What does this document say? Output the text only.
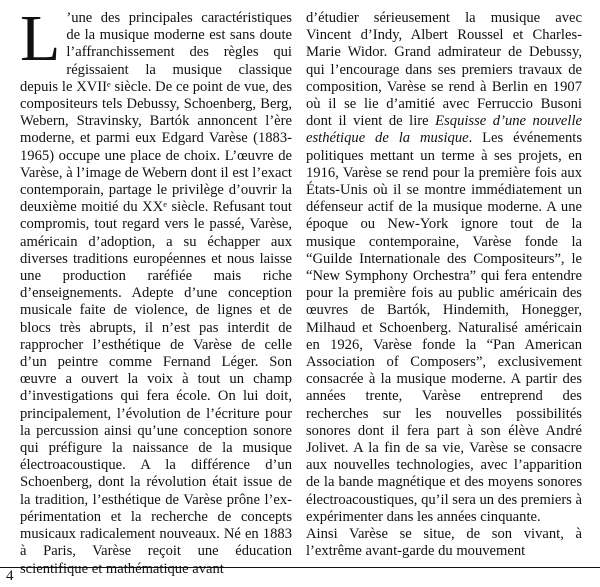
L ’une des principales caractéristiques de la musique moderne est sans doute l’affranchissement des règles qui régissaient la musique classique depuis le XVIIᵉ siècle. De ce point de vue, des compositeurs tels Debussy, Schoenberg, Berg, Webern, Stravinsky, Bartók annoncent l’ère moderne, et parmi eux Edgard Varèse (1883-1965) occupe une place de choix. L’œuvre de Varèse, à l’image de Webern dont il est l’exact contemporain, partage le privilège d’ouvrir la deuxième moitié du XXᵉ siècle. Refusant tout compromis, tout regard vers le passé, Varèse, américain d’adoption, a su échapper aux diverses traditions européennes et nous laisse une production raréfiée mais riche d’enseignements. Adepte d’une conception musicale faite de violence, de lignes et de blocs très abrupts, il n’est pas interdit de rapprocher l’esthétique de Varèse de celle d’un peintre comme Fernand Léger. Son œuvre a ouvert la voix à tout un champ d’investigations qui fera école. On lui doit, principalement, l’évolution de l’écriture pour la percussion ainsi qu’une conception sonore qui préfigure la naissance de la musique électroacoustique. A la différence d’un Schoenberg, dont la révolution était issue de la tradition, l’esthétique de Varèse prône l’ex-périmentation et la recherche de concepts musicaux radicalement nouveaux. Né en 1883 à Paris, Varèse reçoit une éducation scientifique et mathématique avant

d’étudier sérieusement la musique avec Vincent d’Indy, Albert Roussel et Charles-Marie Widor. Grand admirateur de Debussy, qui l’encourage dans ses premiers travaux de composition, Varèse se rend à Berlin en 1907 où il se lie d’amitié avec Ferruccio Busoni dont il vient de lire Esquisse d’une nouvelle esthétique de la musique. Les événements politiques mettant un terme à ses projets, en 1916, Varèse se rend pour la première fois aux États-Unis où il se montre immédiatement un défenseur actif de la musique moderne. A une époque ou New-York ignore tout de la musique contemporaine, Varèse fonde la “Guilde Internationale des Compositeurs”, le “New Symphony Orchestra” qui fera entendre pour la première fois au public américain des œuvres de Bartók, Hindemith, Honegger, Milhaud et Schoenberg. Naturalisé américain en 1926, Varèse fonde la “Pan American Association of Composers”, exclusivement consacrée à la musique moderne. A partir des années trente, Varèse entreprend des recherches sur les nouvelles possibilités sonores dont il fera part à son élève André Jolivet. A la fin de sa vie, Varèse se consacre aux nouvelles technologies, avec l’apparition de la bande magnétique et des moyens sonores électroacoustiques, qu’il sera un des premiers à expérimenter dans les années cinquante.

Ainsi Varèse se situe, de son vivant, à l’extrême avant-garde du mouvement

4
